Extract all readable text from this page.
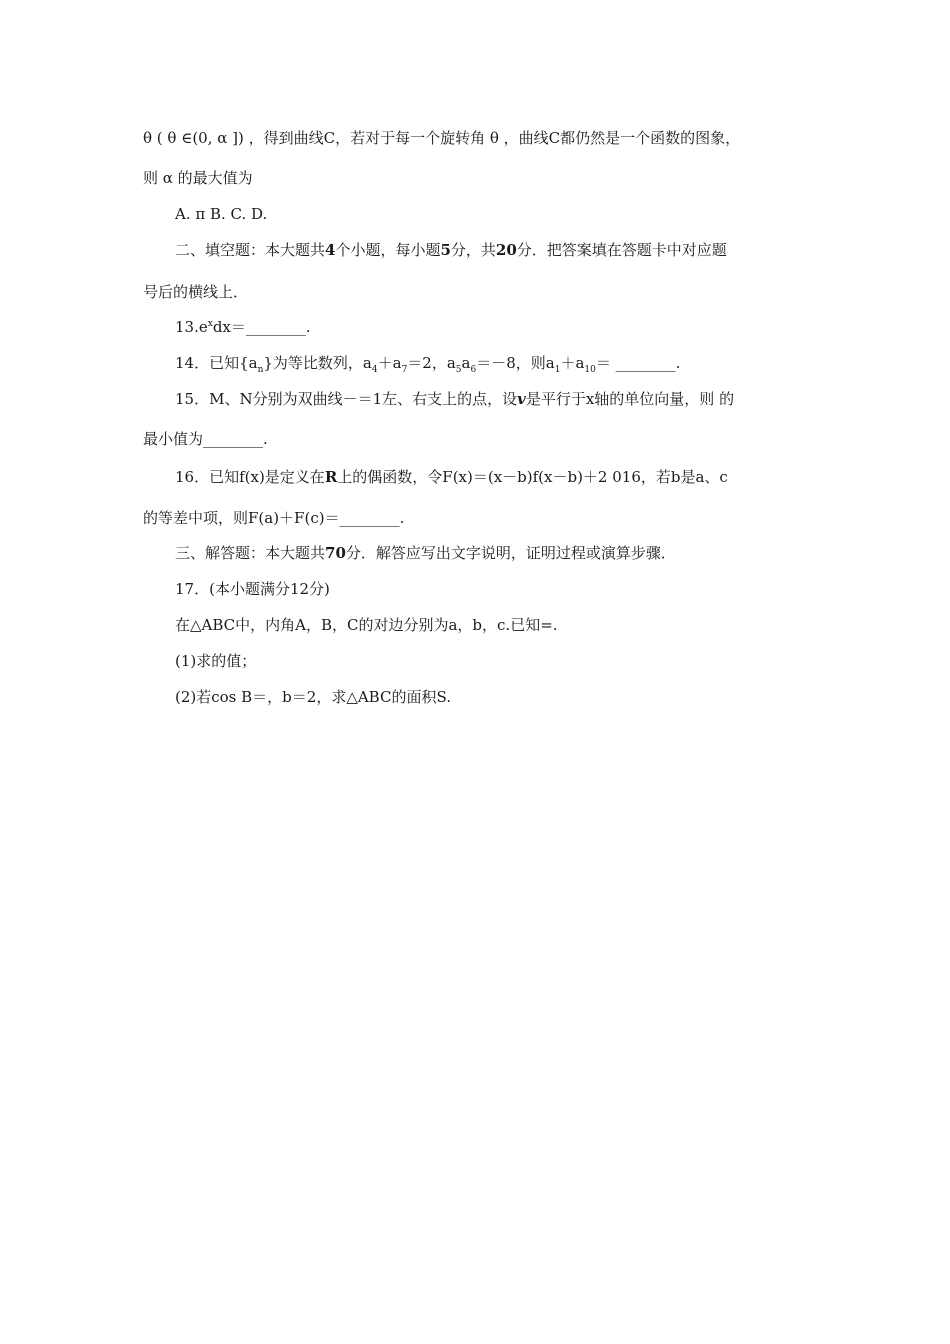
θ ( θ ∈(0, α ]) ，得到曲线C，若对于每一个旋转角 θ ，曲线C都仍然是一个函数的图象，
则 α 的最大值为
A. π B. C. D.
二、填空题：本大题共4个小题，每小题5分，共20分．把答案填在答题卡中对应题
号后的横线上．
$13.e^xdx=\_\_\_\_\_\_\_\_$.
14．已知$\{a_n\}$为等比数列，$a_4+a_7=2$，$a_5a_6=-8$，则$a_1+a_{10}=$ ________.
15．M、N分别为双曲线－＝1左、右支上的点，设v是平行于x轴的单位向量，则 的
最小值为________.
16．已知f(x)是定义在R上的偶函数，令F(x)＝(x－b)f(x－b)＋2 016，若b是a、c
的等差中项，则F(a)＋F(c)＝________.
三、解答题：本大题共70分．解答应写出文字说明，证明过程或演算步骤．
17．(本小题满分12分)
在△ABC中，内角A，B，C的对边分别为a，b，c.已知=.
(1)求的值；
(2)若cos B＝，b＝2，求△ABC的面积S.
